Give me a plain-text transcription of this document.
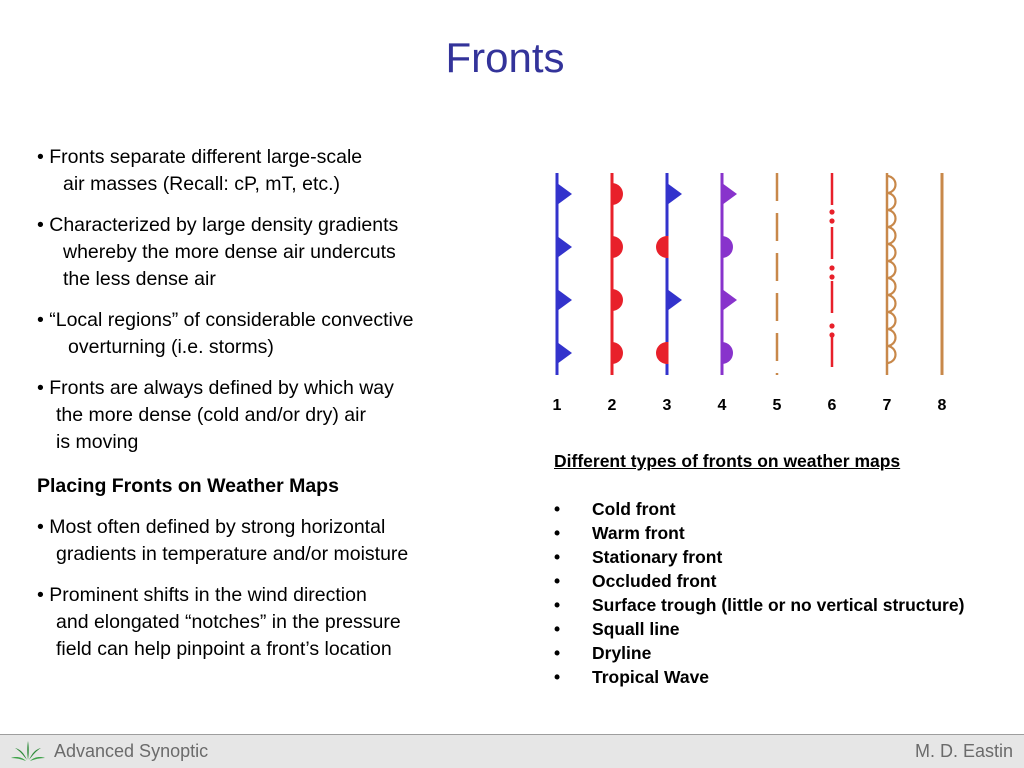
Fronts
• Fronts separate different large-scale
air masses (Recall: cP, mT, etc.)
• Characterized by large density gradients
whereby the more dense air undercuts
the less dense air
• “Local regions” of considerable convective
overturning (i.e. storms)
• Fronts are always defined by which way
the more dense (cold and/or dry) air
is moving
Placing Fronts on Weather Maps
• Most often defined by strong horizontal
gradients in temperature and/or moisture
• Prominent shifts in the wind direction
and elongated “notches” in the pressure
field can help pinpoint a front’s location
1	2	3	4	5	6	7	8
Different types of fronts on weather maps
• Cold front
• Warm front
• Stationary front
• Occluded front
• Surface trough (little or no vertical structure)
• Squall line
• Dryline
• Tropical Wave
Advanced Synoptic	M. D. Eastin
